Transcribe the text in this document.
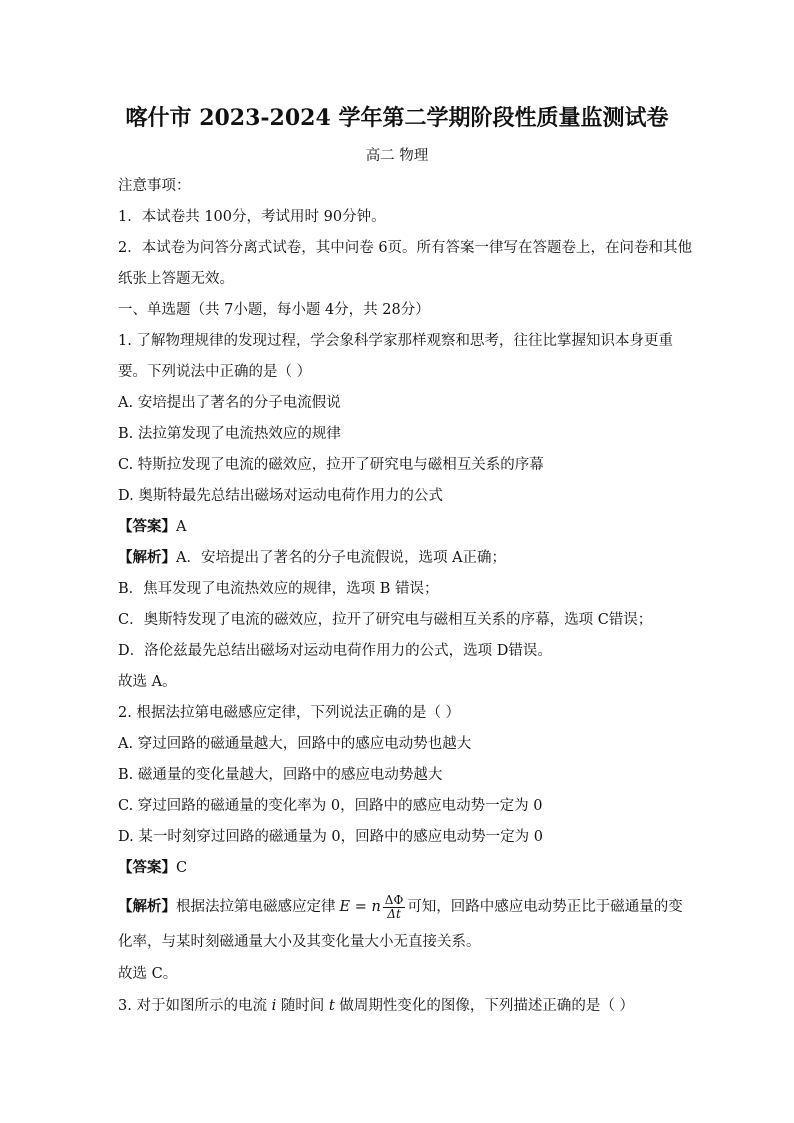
喀什市 2023-2024 学年第二学期阶段性质量监测试卷
高二 物理
注意事项：
1．本试卷共 100分，考试用时 90分钟。
2．本试卷为问答分离式试卷，其中问卷 6页。所有答案一律写在答题卷上，在问卷和其他
纸张上答题无效。
一、单选题（共 7小题，每小题 4分，共 28分）
1. 了解物理规律的发现过程，学会象科学家那样观察和思考，往往比掌握知识本身更重
要。下列说法中正确的是（ ）
A. 安培提出了著名的分子电流假说
B. 法拉第发现了电流热效应的规律
C. 特斯拉发现了电流的磁效应，拉开了研究电与磁相互关系的序幕
D. 奥斯特最先总结出磁场对运动电荷作用力的公式
【答案】A
【解析】A．安培提出了著名的分子电流假说，选项 A正确；
B．焦耳发现了电流热效应的规律，选项 B 错误；
C．奥斯特发现了电流的磁效应，拉开了研究电与磁相互关系的序幕，选项 C错误；
D．洛伦兹最先总结出磁场对运动电荷作用力的公式，选项 D错误。
故选 A。
2. 根据法拉第电磁感应定律，下列说法正确的是（ ）
A. 穿过回路的磁通量越大，回路中的感应电动势也越大
B. 磁通量的变化量越大，回路中的感应电动势越大
C. 穿过回路的磁通量的变化率为 0，回路中的感应电动势一定为 0
D. 某一时刻穿过回路的磁通量为 0，回路中的感应电动势一定为 0
【答案】C
【解析】 根据法拉第电磁感应定律 E = n $\frac{\Delta\Phi}{\Delta t}$ 可知，回路中感应电动势正比于磁通量的变
化率，与某时刻磁通量大小及其变化量大小无直接关系。
故选 C。
3. 对于如图所示的电流 i 随时间 t 做周期性变化的图像，下列描述正确的是（ ）
